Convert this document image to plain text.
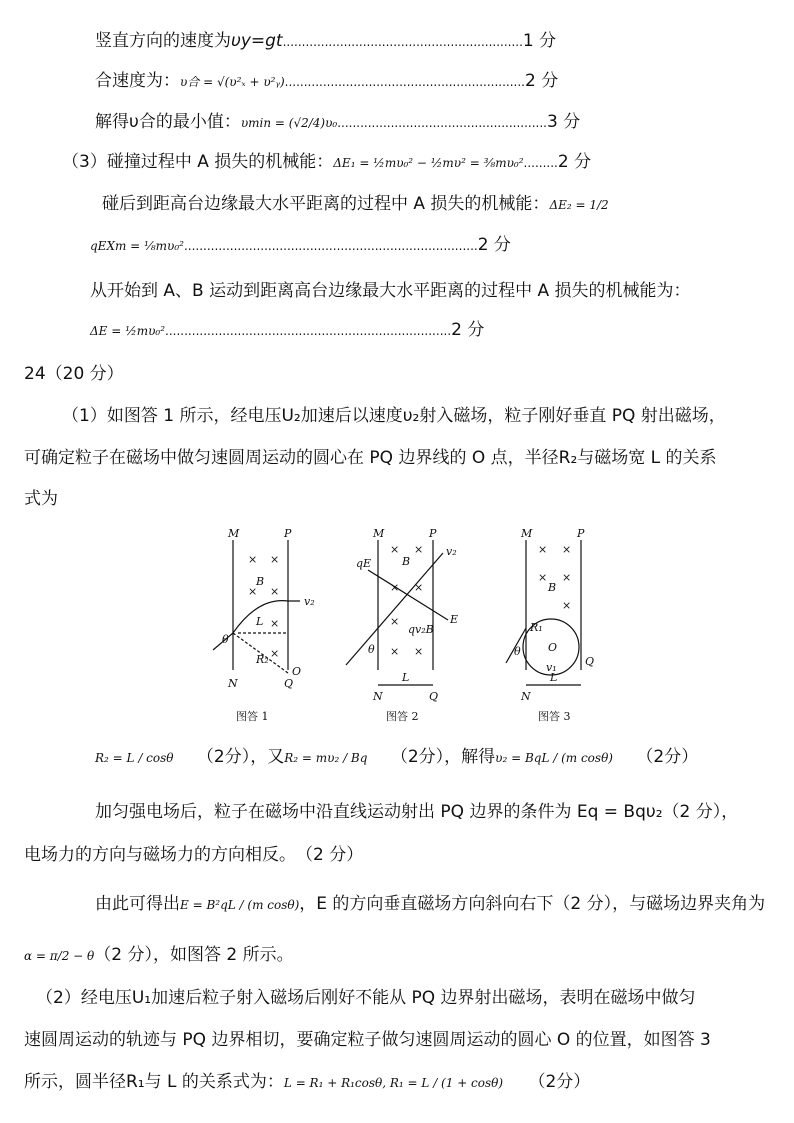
竖直方向的速度为υy=gt...............................................................1 分
合速度为：υ合 = √(υ²ₓ + υ²ᵧ)...............................................................2 分
解得υ合的最小值：υmin = (√2/4)υ₀.......................................................3 分
（3）碰撞过程中 A 损失的机械能：ΔE₁ = ½mυ₀² − ½mυ² = ⅜mυ₀².........2 分
碰后到距高台边缘最大水平距离的过程中 A 损失的机械能：ΔE₂ = 1/2
qEXm = ⅛mυ₀².............................................................................2 分
从开始到 A、B 运动到距离高台边缘最大水平距离的过程中 A 损失的机械能为：
ΔE = ½mυ₀²...........................................................................2 分
24（20 分）
（1）如图答 1 所示，经电压U₂加速后以速度υ₂射入磁场，粒子刚好垂直 PQ 射出磁场，
可确定粒子在磁场中做匀速圆周运动的圆心在 PQ 边界线的 O 点，半径R₂与磁场宽 L 的关系
式为
M	P
N	Q
O
B
L
v₂
R₂
θ
M	P
N	Q
B
L
v₂
qE
E
qv₂B
θ
M	P
N
Q
O
B
L
v₁
R₁
θ
× ×
× ×
×
×
× ×
× ×
×
× ×
× ×
× ×
×
图答 1	图答 2	图答 3
R₂ = L / cosθ （2分），又R₂ = mυ₂ / Bq （2分），解得υ₂ = BqL / (m cosθ) （2分）
加匀强电场后，粒子在磁场中沿直线运动射出 PQ 边界的条件为 Eq = Bqυ₂（2 分），
电场力的方向与磁场力的方向相反。　（2 分）
由此可得出E = B²qL / (m cosθ)，E 的方向垂直磁场方向斜向右下（2 分），与磁场边界夹角为
α = π/2 − θ（2 分），如图答 2 所示。
（2）经电压U₁加速后粒子射入磁场后刚好不能从 PQ 边界射出磁场，表明在磁场中做匀
速圆周运动的轨迹与 PQ 边界相切，要确定粒子做匀速圆周运动的圆心 O 的位置，如图答 3
所示，圆半径R₁与 L 的关系式为：L = R₁ + R₁cosθ, R₁ = L / (1 + cosθ) （2分）
